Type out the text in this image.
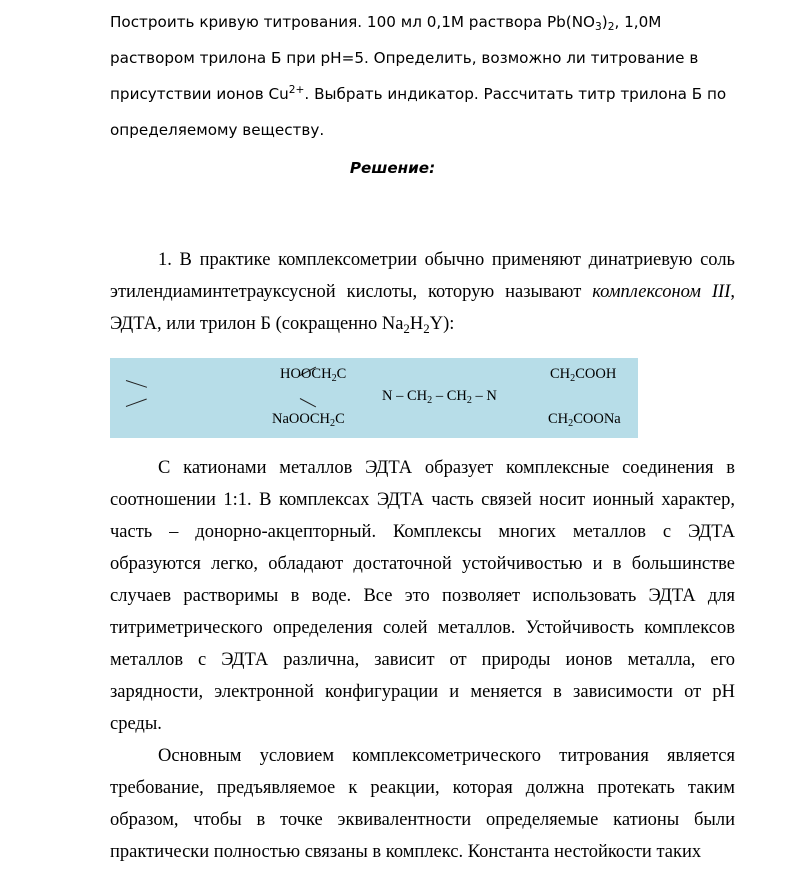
Построить кривую титрования. 100 мл 0,1М раствора $Pb(NO_3)_2$, 1,0М раствором трилона Б при рН=5. Определить, возможно ли титрование в присутствии ионов $Cu^{2+}$. Выбрать индикатор. Рассчитать титр трилона Б по определяемому веществу.

Решение:

1. В практике комплексометрии обычно применяют динатриевую соль этилендиаминтетрауксусной кислоты, которую называют комплексоном III, ЭДТА, или трилон Б (сокращенно $Na_2H_2Y$):

$HOOCH_2C$
NaOOCH$_2$C
N – $CH_2 - CH_2$ – N
$CH_2COOH$
$CH_2COONa$

С катионами металлов ЭДТА образует комплексные соединения в соотношении 1:1. В комплексах ЭДТА часть связей носит ионный характер, часть – донорно-акцепторный. Комплексы многих металлов с ЭДТА образуются легко, обладают достаточной устойчивостью и в большинстве случаев растворимы в воде. Все это позволяет использовать ЭДТА для титриметрического определения солей металлов. Устойчивость комплексов металлов с ЭДТА различна, зависит от природы ионов металла, его зарядности, электронной конфигурации и меняется в зависимости от рН среды.

Основным условием комплексометрического титрования является требование, предъявляемое к реакции, которая должна протекать таким образом, чтобы в точке эквивалентности определяемые катионы были практически полностью связаны в комплекс. Константа нестойкости таких
